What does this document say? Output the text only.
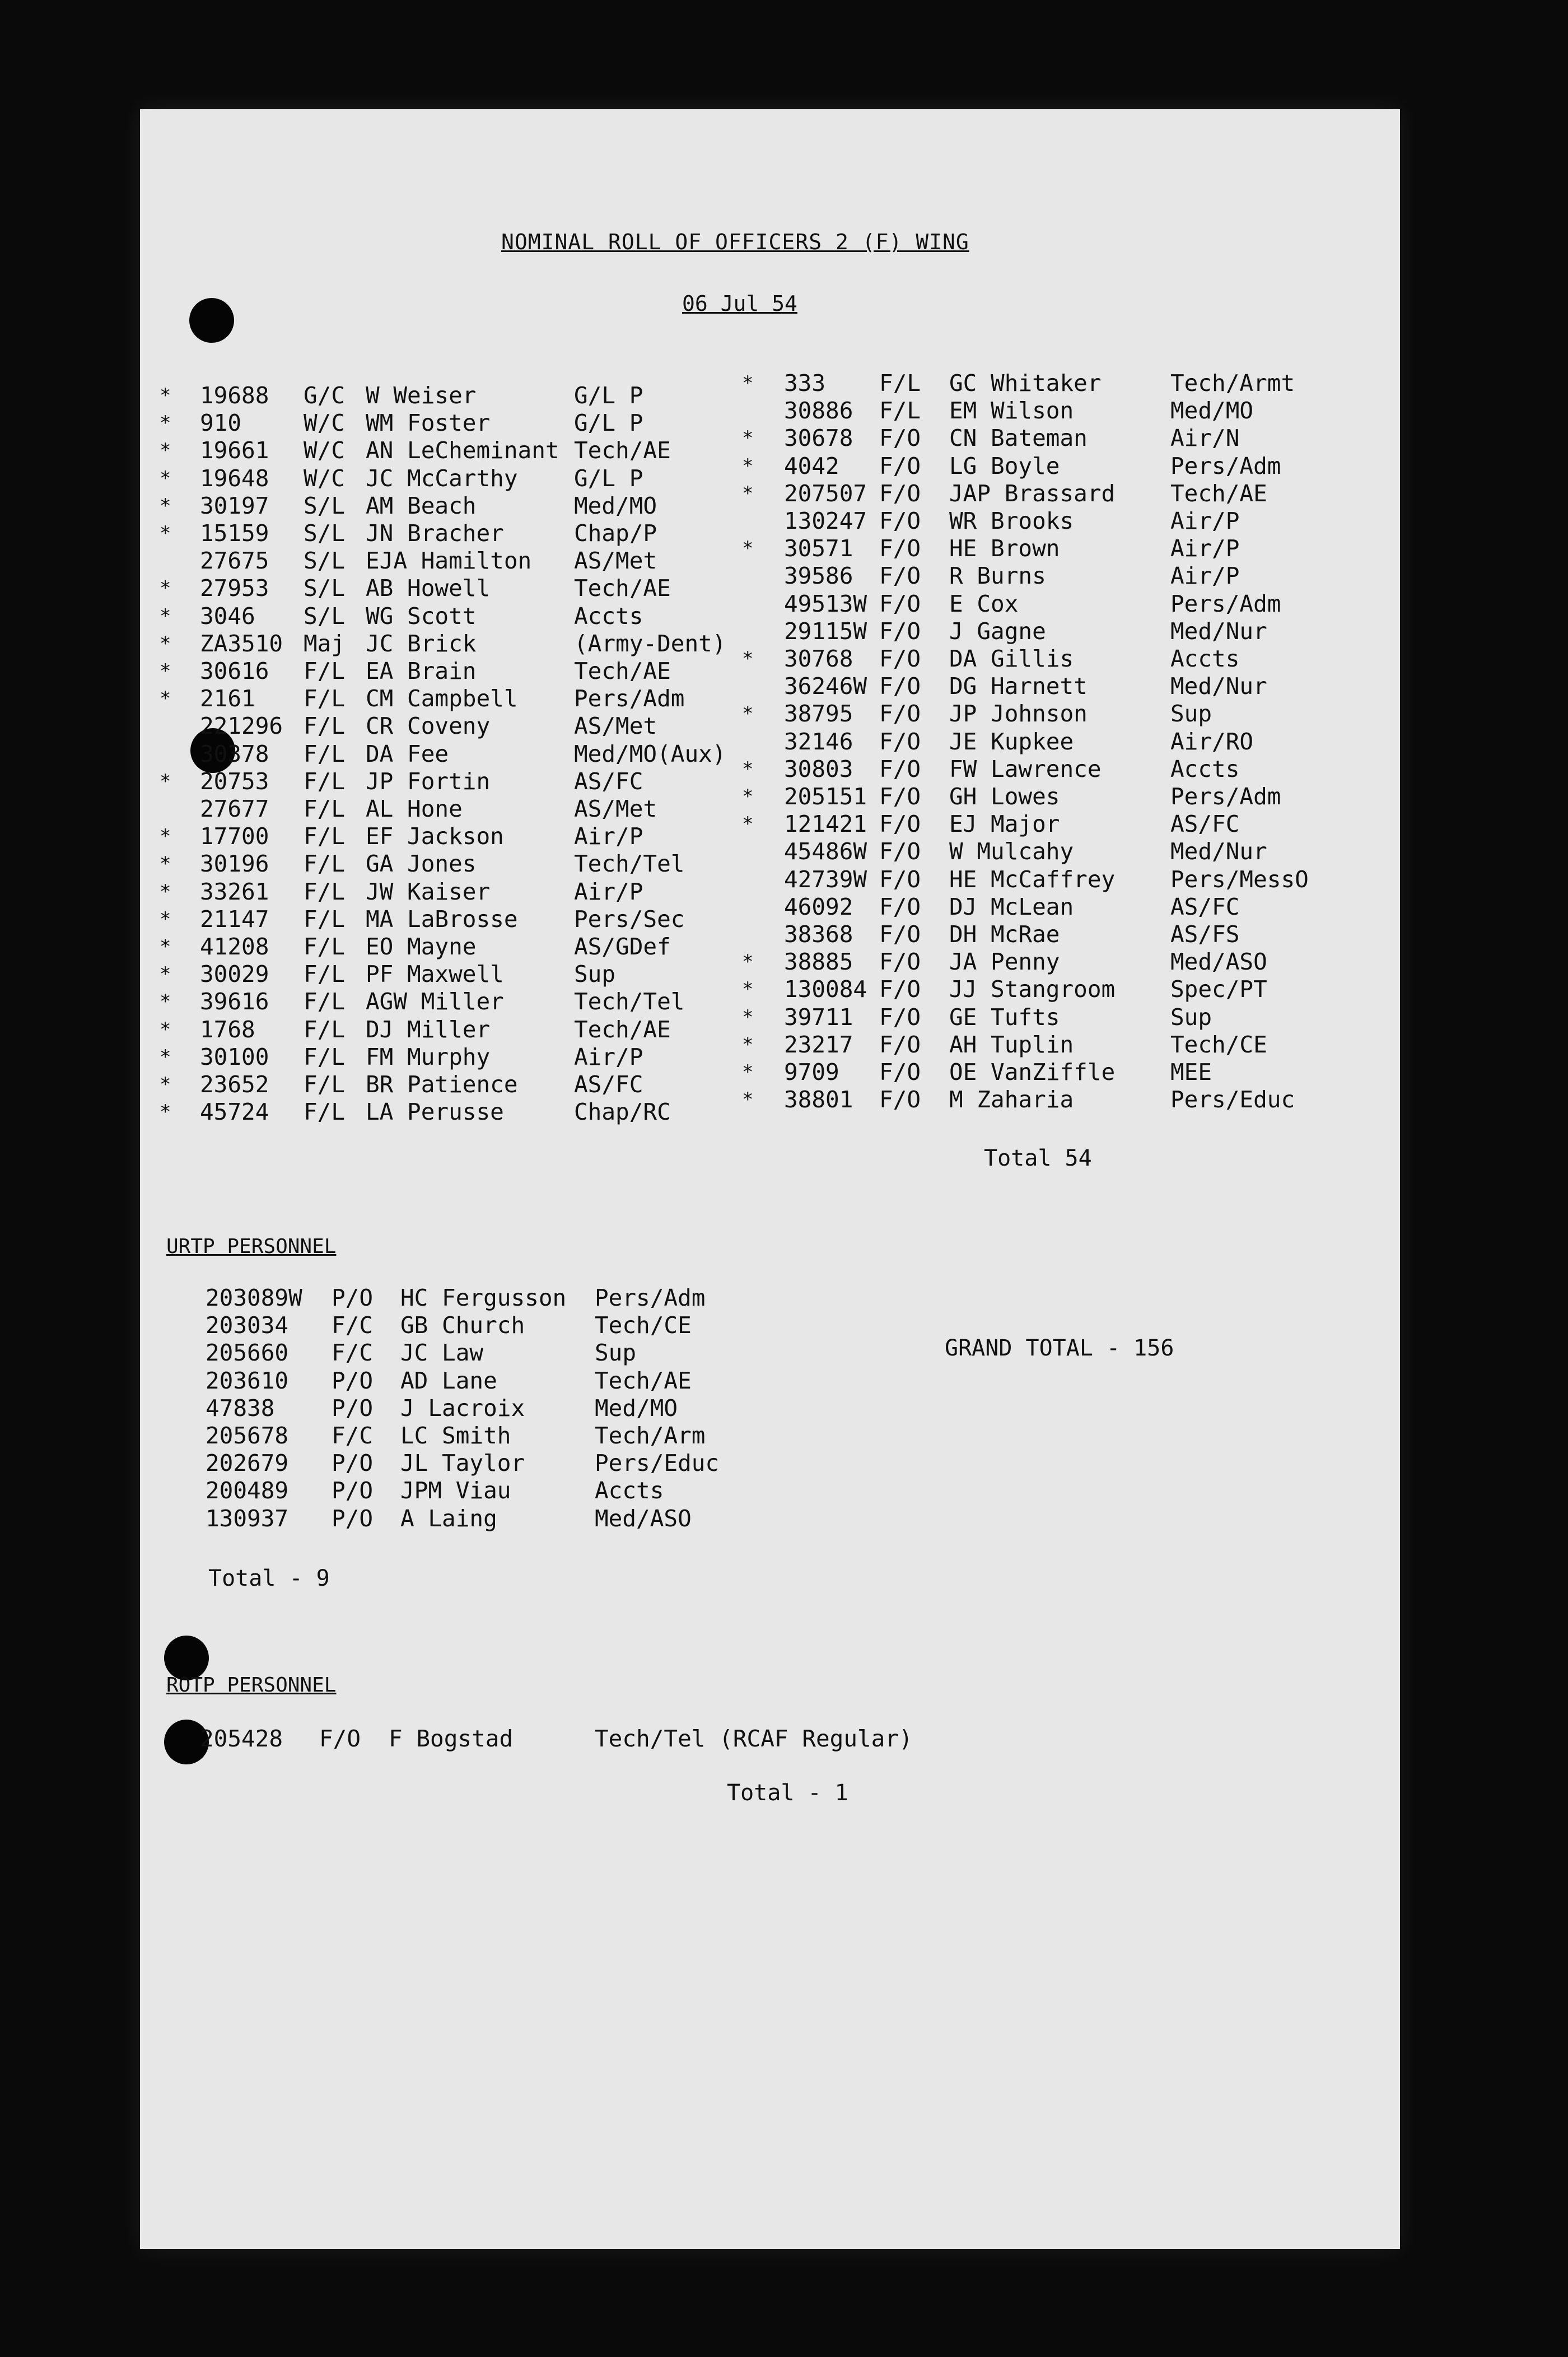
NOMINAL ROLL OF OFFICERS 2 (F) WING
06 Jul 54
* 19688 G/C W Weiser	G/L P
* 910	W/C WM Foster	G/L P
* 19661 W/C AN LeCheminant Tech/AE
* 19648 W/C JC McCarthy G/L P
* 30197 S/L AM Beach	Med/MO
* 15159 S/L JN Bracher	Chap/P
27675 S/L EJA Hamilton AS/Met
* 27953 S/L AB Howell	Tech/AE
* 3046 S/L WG Scott	Accts
* ZA3510 Maj JC Brick	(Army-Dent)
* 30616 F/L EA Brain	Tech/AE
* 2161 F/L CM Campbell Pers/Adm
221296 F/L CR Coveny	AS/Met
30378 F/L DA Fee	Med/MO(Aux)
* 20753 F/L JP Fortin	AS/FC
27677 F/L AL Hone	AS/Met
* 17700 F/L EF Jackson	Air/P
* 30196 F/L GA Jones	Tech/Tel
* 33261 F/L JW Kaiser	Air/P
* 21147 F/L MA LaBrosse Pers/Sec
* 41208 F/L EO Mayne	AS/GDef
* 30029 F/L PF Maxwell	Sup
* 39616 F/L AGW Miller	Tech/Tel
* 1768 F/L DJ Miller	Tech/AE
* 30100 F/L FM Murphy	Air/P
* 23652 F/L BR Patience AS/FC
* 45724 F/L LA Perusse	Chap/RC
* 333 F/L GC Whitaker	Tech/Armt
30886 F/L EM Wilson	Med/MO
* 30678 F/O CN Bateman	Air/N
* 4042 F/O LG Boyle	Pers/Adm
* 207507 F/O JAP Brassard Tech/AE
130247 F/O WR Brooks	Air/P
* 30571 F/O HE Brown	Air/P
39586 F/O R Burns	Air/P
49513W F/O E Cox	Pers/Adm
29115W F/O J Gagne	Med/Nur
* 30768 F/O DA Gillis	Accts
36246W F/O DG Harnett	Med/Nur
* 38795 F/O JP Johnson	Sup
32146 F/O JE Kupkee	Air/RO
* 30803 F/O FW Lawrence	Accts
* 205151 F/O GH Lowes	Pers/Adm
* 121421 F/O EJ Major	AS/FC
45486W F/O W Mulcahy	Med/Nur
42739W F/O HE McCaffrey Pers/MessO
46092 F/O DJ McLean	AS/FC
38368 F/O DH McRae	AS/FS
* 38885 F/O JA Penny	Med/ASO
* 130084 F/O JJ Stangroom Spec/PT
* 39711 F/O GE Tufts	Sup
* 23217 F/O AH Tuplin	Tech/CE
* 9709 F/O OE VanZiffle MEE
* 38801 F/O M Zaharia	Pers/Educ
Total 54
URTP PERSONNEL
203089W P/O HC Fergusson Pers/Adm
203034 F/C GB Church	Tech/CE
205660 F/C JC Law	Sup
203610 P/O AD Lane	Tech/AE
47838 P/O J Lacroix	Med/MO
205678 F/C LC Smith	Tech/Arm
202679 P/O JL Taylor	Pers/Educ
200489 P/O JPM Viau	Accts
130937 P/O A Laing	Med/ASO
Total - 9
GRAND TOTAL - 156
ROTP PERSONNEL
205428 F/O F Bogstad	Tech/Tel (RCAF Regular)
Total - 1
